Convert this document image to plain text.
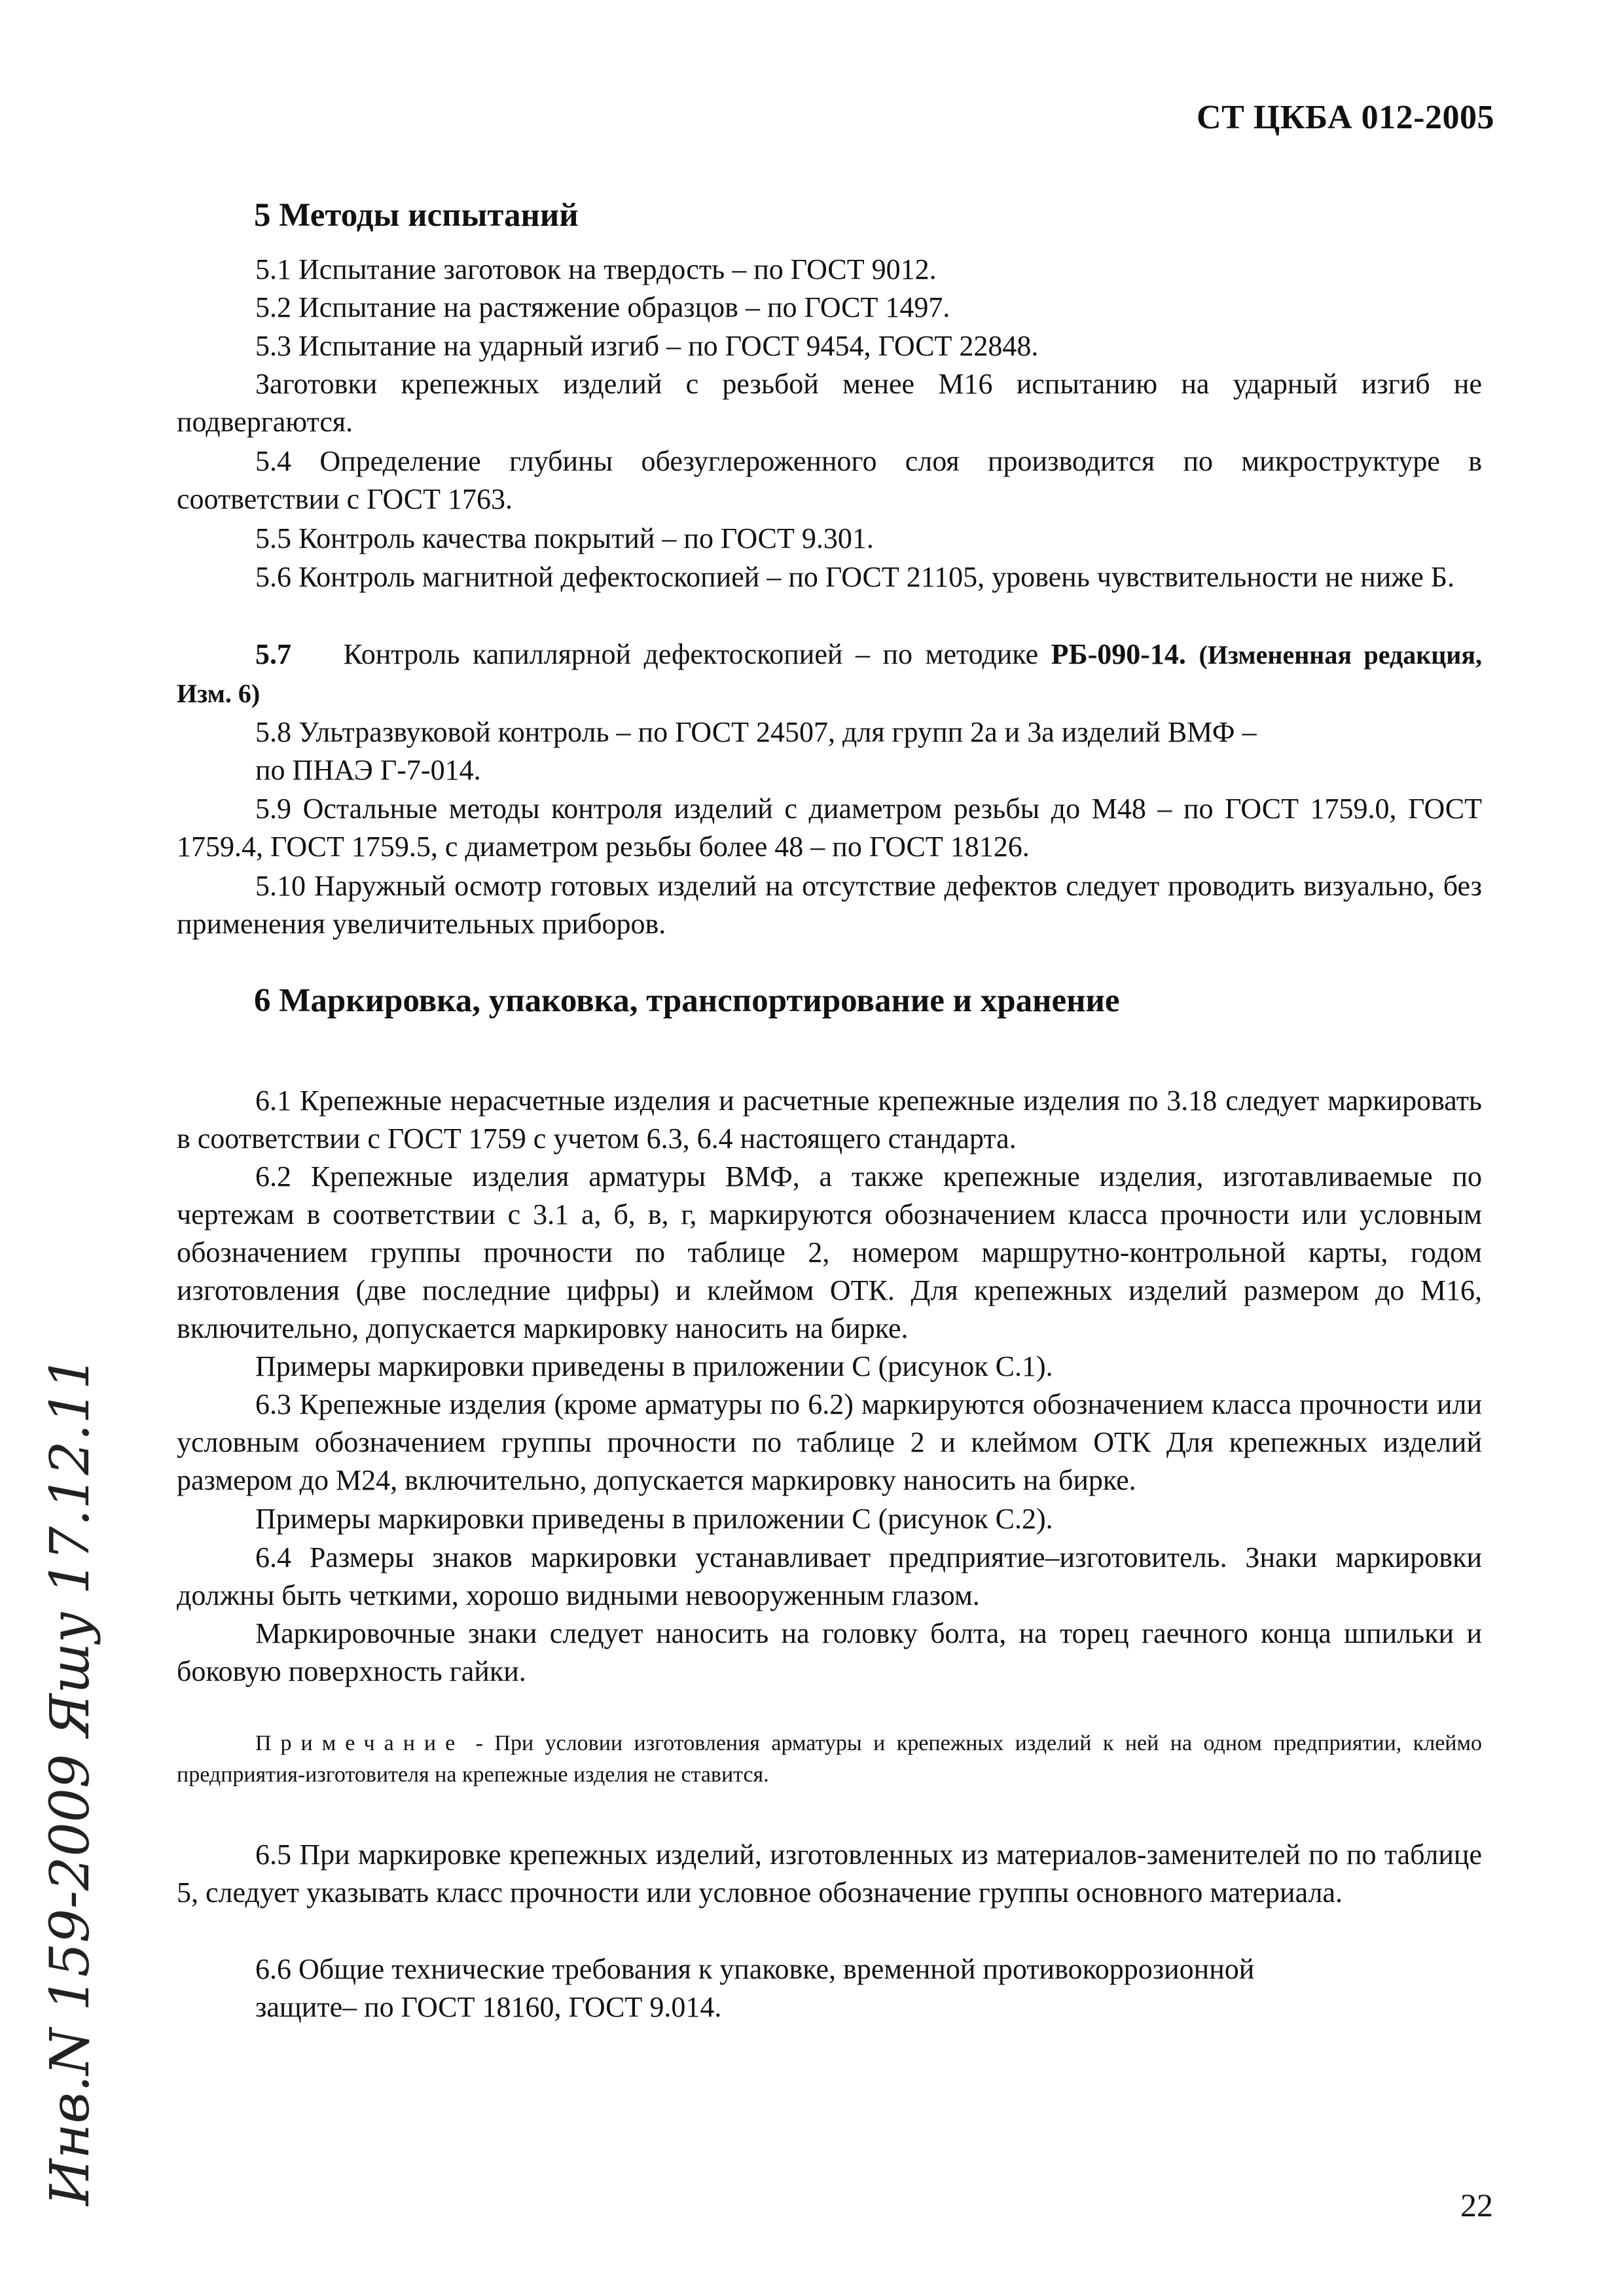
СТ ЦКБА 012-2005
5 Методы испытаний
5.1 Испытание заготовок на твердость – по ГОСТ 9012.
5.2 Испытание на растяжение образцов – по ГОСТ 1497.
5.3 Испытание на ударный изгиб – по ГОСТ 9454, ГОСТ 22848.
Заготовки крепежных изделий с резьбой менее М16 испытанию на ударный изгиб не подвергаются.
5.4 Определение глубины обезуглероженного слоя производится по микроструктуре в соответствии с ГОСТ 1763.
5.5 Контроль качества покрытий – по ГОСТ 9.301.
5.6 Контроль магнитной дефектоскопией – по ГОСТ 21105, уровень чувствительности не ниже Б.
5.7 Контроль капиллярной дефектоскопией – по методике РБ-090-14. (Измененная редакция, Изм. 6)
5.8 Ультразвуковой контроль – по ГОСТ 24507, для групп 2а и 3а изделий ВМФ –
по ПНАЭ Г-7-014.
5.9 Остальные методы контроля изделий с диаметром резьбы до М48 – по ГОСТ 1759.0, ГОСТ 1759.4, ГОСТ 1759.5, с диаметром резьбы более 48 – по ГОСТ 18126.
5.10 Наружный осмотр готовых изделий на отсутствие дефектов следует проводить визуально, без применения увеличительных приборов.
6 Маркировка, упаковка, транспортирование и хранение
6.1 Крепежные нерасчетные изделия и расчетные крепежные изделия по 3.18 следует маркировать в соответствии с ГОСТ 1759 с учетом 6.3, 6.4 настоящего стандарта.
6.2 Крепежные изделия арматуры ВМФ, а также крепежные изделия, изготавливаемые по чертежам в соответствии с 3.1 а, б, в, г, маркируются обозначением класса прочности или условным обозначением группы прочности по таблице 2, номером маршрутно-контрольной карты, годом изготовления (две последние цифры) и клеймом ОТК. Для крепежных изделий размером до М16, включительно, допускается маркировку наносить на бирке.
Примеры маркировки приведены в приложении С (рисунок С.1).
6.3 Крепежные изделия (кроме арматуры по 6.2) маркируются обозначением класса прочности или условным обозначением группы прочности по таблице 2 и клеймом ОТК Для крепежных изделий размером до М24, включительно, допускается маркировку наносить на бирке.
Примеры маркировки приведены в приложении С (рисунок С.2).
6.4 Размеры знаков маркировки устанавливает предприятие–изготовитель. Знаки маркировки должны быть четкими, хорошо видными невооруженным глазом.
Маркировочные знаки следует наносить на головку болта, на торец гаечного конца шпильки и боковую поверхность гайки.
Примечание - При условии изготовления арматуры и крепежных изделий к ней на одном предприятии, клеймо предприятия-изготовителя на крепежные изделия не ставится.
6.5 При маркировке крепежных изделий, изготовленных из материалов-заменителей по по таблице 5, следует указывать класс прочности или условное обозначение группы основного материала.
6.6 Общие технические требования к упаковке, временной противокоррозионной
защите– по ГОСТ 18160, ГОСТ 9.014.
Инв.N 159-2009 Яшу 17.12.11	22
